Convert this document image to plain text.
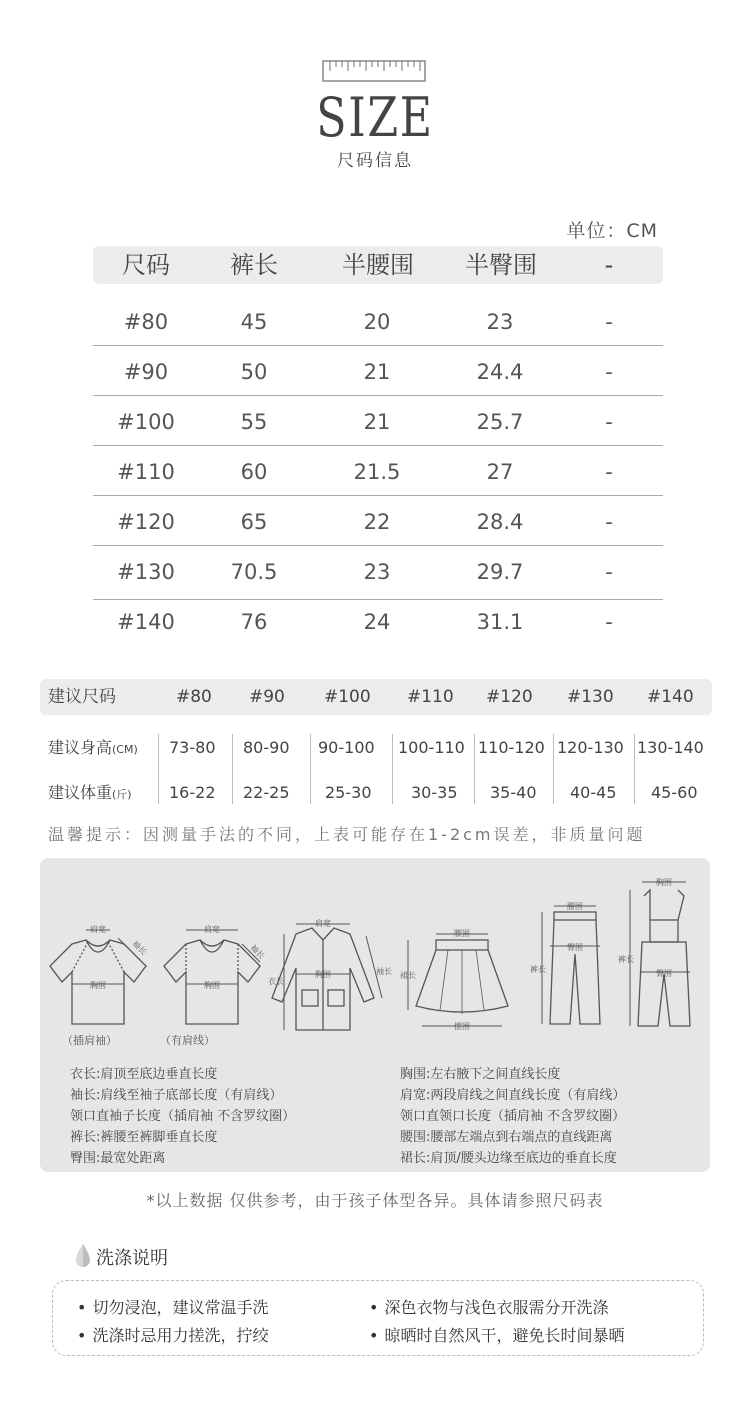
SIZE
尺码信息
单位：CM
尺码	裤长	半腰围 半臀围	-
#80	45	20	23	-
#90	50	21	24.4	-
#100	55	21	25.7	-
#110	60	21.5	27	-
#120	65	22	28.4	-
#130	70.5	23	29.7	-
#140	76	24	31.1	-
建议尺码	#80 #90 #100 #110 #120 #130 #140
建议身高(CM) 73-80 80-90 90-100 100-110 110-120 120-130 130-140
建议体重(斤) 16-22 22-25 25-30 30-35 35-40 40-45 45-60
温馨提示：因测量手法的不同，上表可能存在1-2cm误差，非质量问题
肩宽
胸围
袖长
（插肩袖）
肩宽
胸围
袖长
（有肩线）
肩宽
胸围
衣长
袖长
腰围
裙长
摆围
腰围
臀围
裤长
胸围
臀围
裤长
衣长:肩顶至底边垂直长度
袖长:肩线至袖子底部长度（有肩线）
领口直袖子长度（插肩袖 不含罗纹圈）
裤长:裤腰至裤脚垂直长度
臀围:最宽处距离
胸围:左右腋下之间直线长度
肩宽:两段肩线之间直线长度（有肩线）
领口直领口长度（插肩袖 不含罗纹圈）
腰围:腰部左端点到右端点的直线距离
裙长:肩顶/腰头边缘至底边的垂直长度
*以上数据 仅供参考，由于孩子体型各异。具体请参照尺码表
洗涤说明
• 切勿浸泡，建议常温手洗	• 深色衣物与浅色衣服需分开洗涤
• 洗涤时忌用力搓洗，拧绞	• 晾晒时自然风干，避免长时间暴晒
